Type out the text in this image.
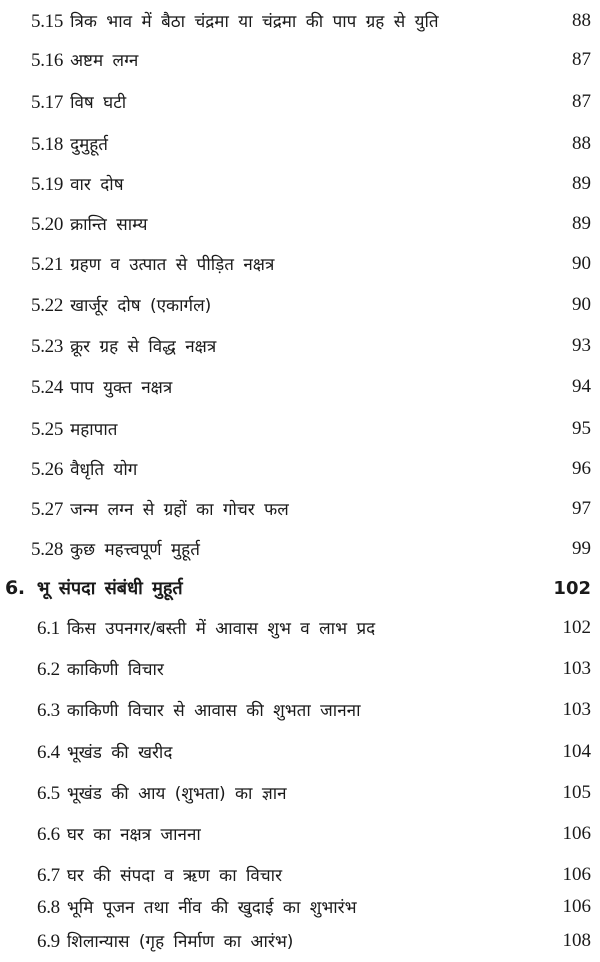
5.15 त्रिक भाव में बैठा चंद्रमा या चंद्रमा की पाप ग्रह से युति	88
5.16 अष्टम लग्न	87
5.17 विष घटी	87
5.18 दुमुहूर्त	88
5.19 वार दोष	89
5.20 क्रान्ति साम्य	89
5.21 ग्रहण व उत्पात से पीड़ित नक्षत्र	90
5.22 खार्जूर दोष (एकार्गल)	90
5.23 क्रूर ग्रह से विद्ध नक्षत्र	93
5.24 पाप युक्त नक्षत्र	94
5.25 महापात	95
5.26 वैधृति योग	96
5.27 जन्म लग्न से ग्रहों का गोचर फल	97
5.28 कुछ महत्त्वपूर्ण मुहूर्त	99
6. भू संपदा संबंधी मुहूर्त	102
6.1 किस उपनगर/बस्ती में आवास शुभ व लाभ प्रद	102
6.2 काकिणी विचार	103
6.3 काकिणी विचार से आवास की शुभता जानना	103
6.4 भूखंड की खरीद	104
6.5 भूखंड की आय (शुभता) का ज्ञान	105
6.6 घर का नक्षत्र जानना	106
6.7 घर की संपदा व ऋण का विचार	106
6.8 भूमि पूजन तथा नींव की खुदाई का शुभारंभ	106
6.9 शिलान्यास (गृह निर्माण का आरंभ)	108
